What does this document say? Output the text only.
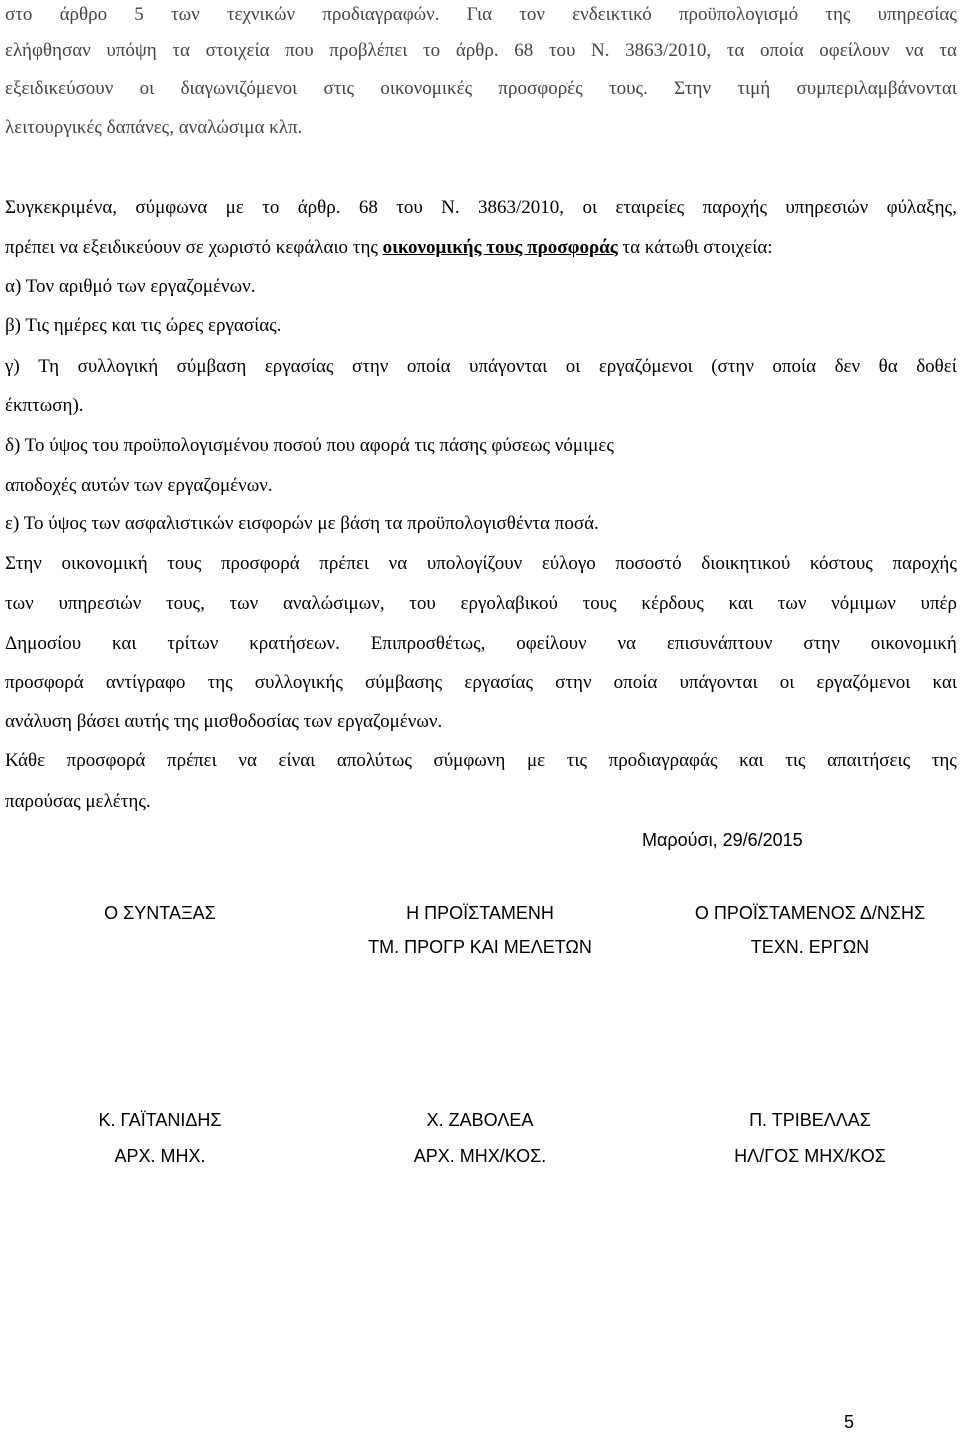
στο άρθρο 5 των τεχνικών προδιαγραφών. Για τον ενδεικτικό προϋπολογισμό της υπηρεσίας
ελήφθησαν υπόψη τα στοιχεία που προβλέπει το άρθρ. 68 του Ν. 3863/2010, τα οποία οφείλουν να τα
εξειδικεύσουν οι διαγωνιζόμενοι στις οικονομικές προσφορές τους. Στην τιμή συμπεριλαμβάνονται
λειτουργικές δαπάνες, αναλώσιμα κλπ.
Συγκεκριμένα, σύμφωνα με το άρθρ. 68 του Ν. 3863/2010, οι εταιρείες παροχής υπηρεσιών φύλαξης,
πρέπει να εξειδικεύουν σε χωριστό κεφάλαιο της οικονομικής τους προσφοράς τα κάτωθι στοιχεία:
α) Τον αριθμό των εργαζομένων.
β) Τις ημέρες και τις ώρες εργασίας.
γ) Τη συλλογική σύμβαση εργασίας στην οποία υπάγονται οι εργαζόμενοι (στην οποία δεν θα δοθεί
έκπτωση).
δ) Το ύψος του προϋπολογισμένου ποσού που αφορά τις πάσης φύσεως νόμιμες
αποδοχές αυτών των εργαζομένων.
ε) Το ύψος των ασφαλιστικών εισφορών με βάση τα προϋπολογισθέντα ποσά.
Στην οικονομική τους προσφορά πρέπει να υπολογίζουν εύλογο ποσοστό διοικητικού κόστους παροχής
των υπηρεσιών τους, των αναλώσιμων, του εργολαβικού τους κέρδους και των νόμιμων υπέρ
Δημοσίου και τρίτων κρατήσεων. Επιπροσθέτως, οφείλουν να επισυνάπτουν στην οικονομική
προσφορά αντίγραφο της συλλογικής σύμβασης εργασίας στην οποία υπάγονται οι εργαζόμενοι και
ανάλυση βάσει αυτής της μισθοδοσίας των εργαζομένων.
Κάθε προσφορά πρέπει να είναι απολύτως σύμφωνη με τις προδιαγραφάς και τις απαιτήσεις της
παρούσας μελέτης.
Μαρούσι, 29/6/2015
Ο ΣΥΝΤΑΞΑΣ	Η ΠΡΟΪΣΤΑΜΕΝΗ
ΤΜ. ΠΡΟΓΡ ΚΑΙ ΜΕΛΕΤΩΝ
Ο ΠΡΟΪΣΤΑΜΕΝΟΣ Δ/ΝΣΗΣ
ΤΕΧΝ. ΕΡΓΩΝ
Κ. ΓΑΪΤΑΝΙΔΗΣ
ΑΡΧ. ΜΗΧ.
Χ. ΖΑΒΟΛΕΑ
ΑΡΧ. ΜΗΧ/ΚΟΣ.
Π. ΤΡΙΒΕΛΛΑΣ
ΗΛ/ΓΟΣ ΜΗΧ/ΚΟΣ
5
